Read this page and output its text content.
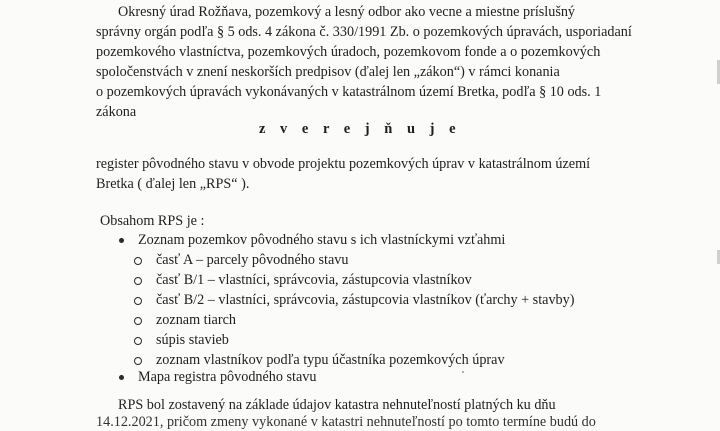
Okresný úrad Rožňava, pozemkový a lesný odbor ako vecne a miestne príslušný
správny orgán podľa § 5 ods. 4 zákona č. 330/1991 Zb. o pozemkových úpravách, usporiadaní
pozemkového vlastníctva, pozemkových úradoch, pozemkovom fonde a o pozemkových
spoločenstvách v znení neskorších predpisov (ďalej len „zákon“) v rámci konania
o pozemkových úpravách vykonávaných v katastrálnom území Bretka, podľa § 10 ods. 1
zákona
z v e r e j ň u j e
register pôvodného stavu v obvode projektu pozemkových úprav v katastrálnom území
Bretka ( ďalej len „RPS“ ).
Obsahom RPS je :
Zoznam pozemkov pôvodného stavu s ich vlastníckymi vzťahmi
časť A – parcely pôvodného stavu
časť B/1 – vlastníci, správcovia, zástupcovia vlastníkov
časť B/2 – vlastníci, správcovia, zástupcovia vlastníkov (ťarchy + stavby)
zoznam tiarch
súpis stavieb
zoznam vlastníkov podľa typu účastníka pozemkových úprav
Mapa registra pôvodného stavu
RPS bol zostavený na základe údajov katastra nehnuteľností platných ku dňu
14.12.2021, pričom zmeny vykonané v katastri nehnuteľností po tomto termíne budú do
